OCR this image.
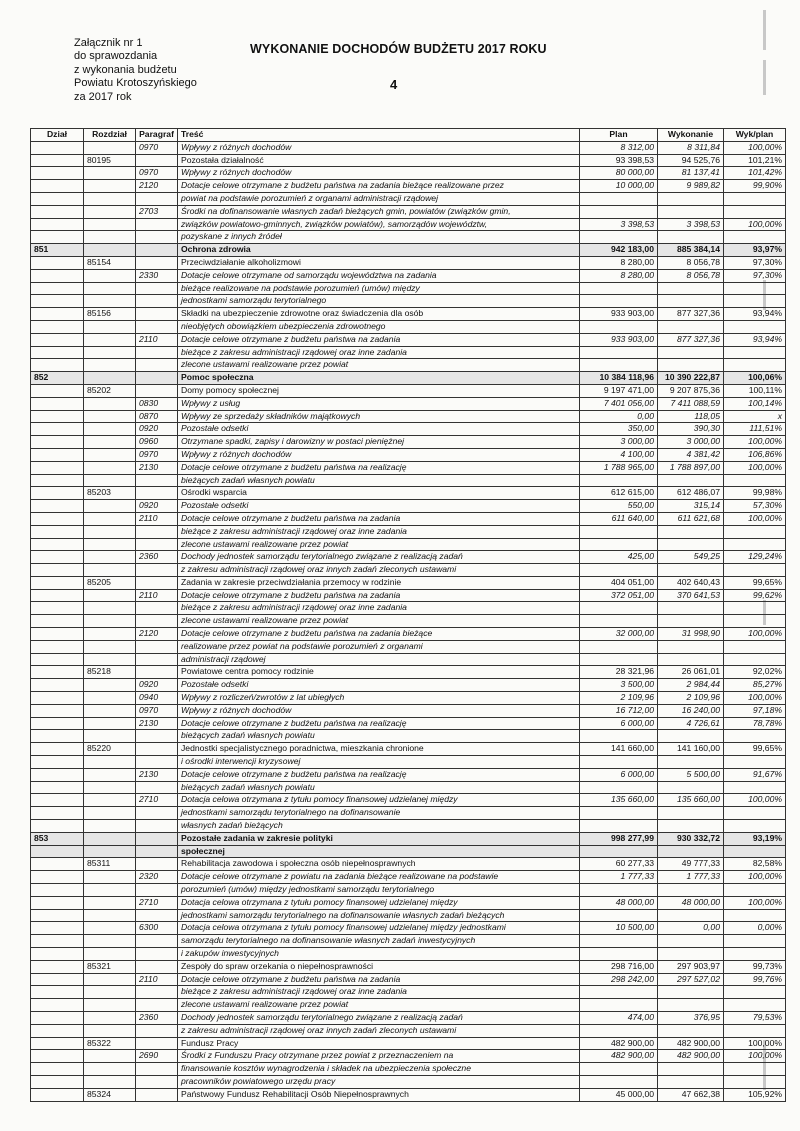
Załącznik nr 1
do sprawozdania
z wykonania budżetu
Powiatu Krotoszyńskiego
za 2017 rok
WYKONANIE DOCHODÓW BUDŻETU 2017 ROKU
4
Dział	Rozdział	Paragraf	Treść	Plan	Wykonanie	Wyk/plan
		0970	Wpływy z różnych dochodów	8 312,00	8 311,84	100,00%
	80195		Pozostała działalność	93 398,53	94 525,76	101,21%
		0970	Wpływy z różnych dochodów	80 000,00	81 137,41	101,42%
		2120	Dotacje celowe otrzymane z budżetu państwa na zadania bieżące realizowane przez	10 000,00	9 989,82	99,90%
			powiat na podstawie porozumień z organami administracji rządowej			
		2703	Środki na dofinansowanie własnych zadań bieżących gmin, powiatów (związków gmin,			
			związków powiatowo-gminnych, związków powiatów), samorządów województw,	3 398,53	3 398,53	100,00%
			pozyskane z innych źródeł			
851			Ochrona zdrowia	942 183,00	885 384,14	93,97%
	85154		Przeciwdziałanie alkoholizmowi	8 280,00	8 056,78	97,30%
		2330	Dotacje celowe otrzymane od samorządu województwa na zadania	8 280,00	8 056,78	97,30%
			bieżące realizowane na podstawie porozumień (umów) między			
			jednostkami samorządu terytorialnego			
	85156		Składki na ubezpieczenie zdrowotne oraz świadczenia dla osób	933 903,00	877 327,36	93,94%
			nieobjętych obowiązkiem ubezpieczenia zdrowotnego			
		2110	Dotacje celowe otrzymane z budżetu państwa na zadania	933 903,00	877 327,36	93,94%
			bieżące z zakresu administracji rządowej oraz inne zadania			
			zlecone ustawami realizowane przez powiat			
852			Pomoc społeczna	10 384 118,96	10 390 222,87	100,06%
	85202		Domy pomocy społecznej	9 197 471,00	9 207 875,36	100,11%
		0830	Wpływy z usług	7 401 056,00	7 411 088,59	100,14%
		0870	Wpływy ze sprzedaży składników majątkowych	0,00	118,05	x
		0920	Pozostałe odsetki	350,00	390,30	111,51%
		0960	Otrzymane spadki, zapisy i darowizny w postaci pieniężnej	3 000,00	3 000,00	100,00%
		0970	Wpływy z różnych dochodów	4 100,00	4 381,42	106,86%
		2130	Dotacje celowe otrzymane z budżetu państwa na realizację	1 788 965,00	1 788 897,00	100,00%
			bieżących zadań własnych powiatu			
	85203		Ośrodki wsparcia	612 615,00	612 486,07	99,98%
		0920	Pozostałe odsetki	550,00	315,14	57,30%
		2110	Dotacje celowe otrzymane z budżetu państwa na zadania	611 640,00	611 621,68	100,00%
			bieżące z zakresu administracji rządowej oraz inne zadania			
			zlecone ustawami realizowane przez powiat			
		2360	Dochody jednostek samorządu terytorialnego związane z realizacją zadań	425,00	549,25	129,24%
			z zakresu administracji rządowej oraz innych zadań zleconych ustawami			
	85205		Zadania w zakresie przeciwdziałania przemocy w rodzinie	404 051,00	402 640,43	99,65%
		2110	Dotacje celowe otrzymane z budżetu państwa na zadania	372 051,00	370 641,53	99,62%
			bieżące z zakresu administracji rządowej oraz inne zadania			
			zlecone ustawami realizowane przez powiat			
		2120	Dotacje celowe otrzymane z budżetu państwa na zadania bieżące	32 000,00	31 998,90	100,00%
			realizowane przez powiat na podstawie porozumień z organami			
			administracji rządowej			
	85218		Powiatowe centra pomocy rodzinie	28 321,96	26 061,01	92,02%
		0920	Pozostałe odsetki	3 500,00	2 984,44	85,27%
		0940	Wpływy z rozliczeń/zwrotów z lat ubiegłych	2 109,96	2 109,96	100,00%
		0970	Wpływy z różnych dochodów	16 712,00	16 240,00	97,18%
		2130	Dotacje celowe otrzymane z budżetu państwa na realizację	6 000,00	4 726,61	78,78%
			bieżących zadań własnych powiatu			
	85220		Jednostki specjalistycznego poradnictwa, mieszkania chronione	141 660,00	141 160,00	99,65%
			i ośrodki interwencji kryzysowej			
		2130	Dotacje celowe otrzymane z budżetu państwa na realizację	6 000,00	5 500,00	91,67%
			bieżących zadań własnych powiatu			
		2710	Dotacja celowa otrzymana z tytułu pomocy finansowej udzielanej między	135 660,00	135 660,00	100,00%
			jednostkami samorządu terytorialnego na dofinansowanie			
			własnych zadań bieżących			
853			Pozostałe zadania w zakresie polityki	998 277,99	930 332,72	93,19%
			społecznej			
	85311		Rehabilitacja zawodowa i społeczna osób niepełnosprawnych	60 277,33	49 777,33	82,58%
		2320	Dotacje celowe otrzymane z powiatu na zadania bieżące realizowane na podstawie	1 777,33	1 777,33	100,00%
			porozumień (umów) między jednostkami samorządu terytorialnego			
		2710	Dotacja celowa otrzymana z tytułu pomocy finansowej udzielanej między	48 000,00	48 000,00	100,00%
			jednostkami samorządu terytorialnego na dofinansowanie własnych zadań bieżących			
		6300	Dotacja celowa otrzymana z tytułu pomocy finansowej udzielanej między jednostkami	10 500,00	0,00	0,00%
			samorządu terytorialnego na dofinansowanie własnych zadań inwestycyjnych			
			i zakupów inwestycyjnych			
	85321		Zespoły do spraw orzekania o niepełnosprawności	298 716,00	297 903,97	99,73%
		2110	Dotacje celowe otrzymane z budżetu państwa na zadania	298 242,00	297 527,02	99,76%
			bieżące z zakresu administracji rządowej oraz inne zadania			
			zlecone ustawami realizowane przez powiat			
		2360	Dochody jednostek samorządu terytorialnego związane z realizacją zadań	474,00	376,95	79,53%
			z zakresu administracji rządowej oraz innych zadań zleconych ustawami			
	85322		Fundusz Pracy	482 900,00	482 900,00	100,00%
		2690	Środki z Funduszu Pracy otrzymane przez powiat z przeznaczeniem na	482 900,00	482 900,00	100,00%
			finansowanie kosztów wynagrodzenia i składek na ubezpieczenia społeczne			
			pracowników powiatowego urzędu pracy			
	85324		Państwowy Fundusz Rehabilitacji Osób Niepełnosprawnych	45 000,00	47 662,38	105,92%
